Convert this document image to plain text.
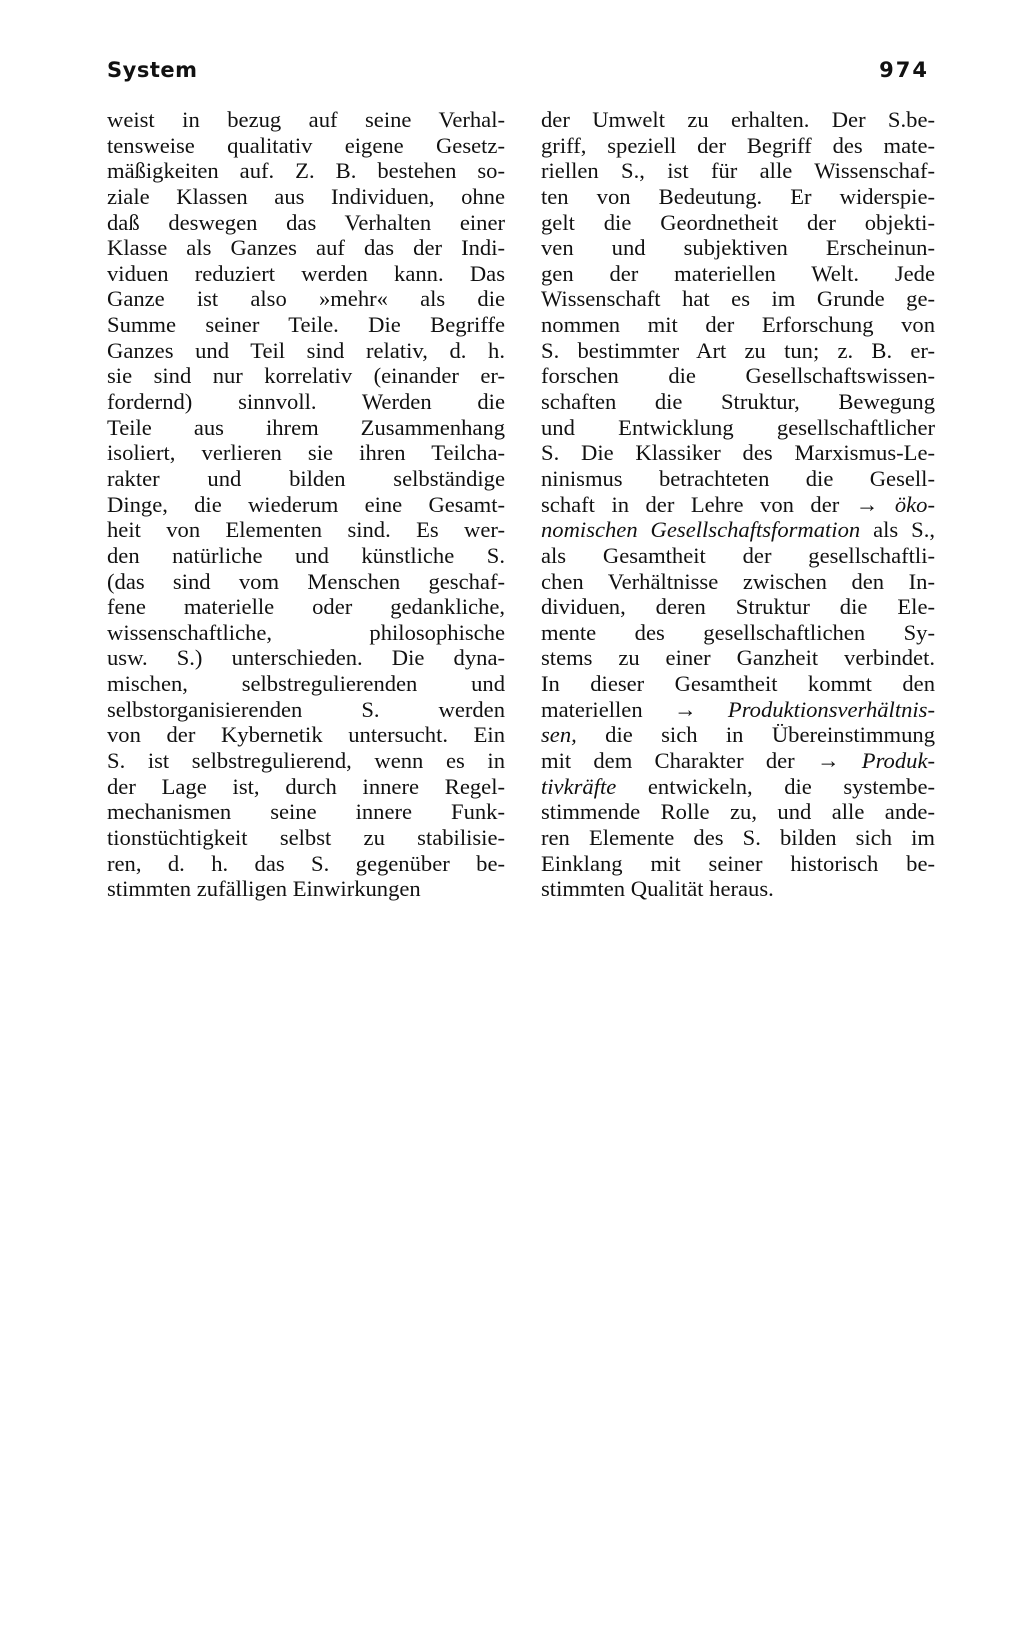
System	974
weist in bezug auf seine Verhal-
tensweise qualitativ eigene Gesetz-
mäßigkeiten auf. Z. B. bestehen so-
ziale Klassen aus Individuen, ohne
daß deswegen das Verhalten einer
Klasse als Ganzes auf das der Indi-
viduen reduziert werden kann. Das
Ganze ist also »mehr« als die
Summe seiner Teile. Die Begriffe
Ganzes und Teil sind relativ, d. h.
sie sind nur korrelativ (einander er-
fordernd) sinnvoll. Werden die
Teile aus ihrem Zusammenhang
isoliert, verlieren sie ihren Teilcha-
rakter und bilden selbständige
Dinge, die wiederum eine Gesamt-
heit von Elementen sind. Es wer-
den natürliche und künstliche S.
(das sind vom Menschen geschaf-
fene materielle oder gedankliche,
wissenschaftliche, philosophische
usw. S.) unterschieden. Die dyna-
mischen, selbstregulierenden und
selbstorganisierenden S. werden
von der Kybernetik untersucht. Ein
S. ist selbstregulierend, wenn es in
der Lage ist, durch innere Regel-
mechanismen seine innere Funk-
tionstüchtigkeit selbst zu stabilisie-
ren, d. h. das S. gegenüber be-
stimmten zufälligen Einwirkungen
der Umwelt zu erhalten. Der S.be-
griff, speziell der Begriff des mate-
riellen S., ist für alle Wissenschaf-
ten von Bedeutung. Er widerspie-
gelt die Geordnetheit der objekti-
ven und subjektiven Erscheinun-
gen der materiellen Welt. Jede
Wissenschaft hat es im Grunde ge-
nommen mit der Erforschung von
S. bestimmter Art zu tun; z. B. er-
forschen die Gesellschaftswissen-
schaften die Struktur, Bewegung
und Entwicklung gesellschaftlicher
S. Die Klassiker des Marxismus-Le-
ninismus betrachteten die Gesell-
schaft in der Lehre von der → öko-
nomischen Gesellschaftsformation als S.,
als Gesamtheit der gesellschaftli-
chen Verhältnisse zwischen den In-
dividuen, deren Struktur die Ele-
mente des gesellschaftlichen Sy-
stems zu einer Ganzheit verbindet.
In dieser Gesamtheit kommt den
materiellen → Produktionsverhältnis-
sen, die sich in Übereinstimmung
mit dem Charakter der → Produk-
tivkräfte entwickeln, die systembe-
stimmende Rolle zu, und alle ande-
ren Elemente des S. bilden sich im
Einklang mit seiner historisch be-
stimmten Qualität heraus.
